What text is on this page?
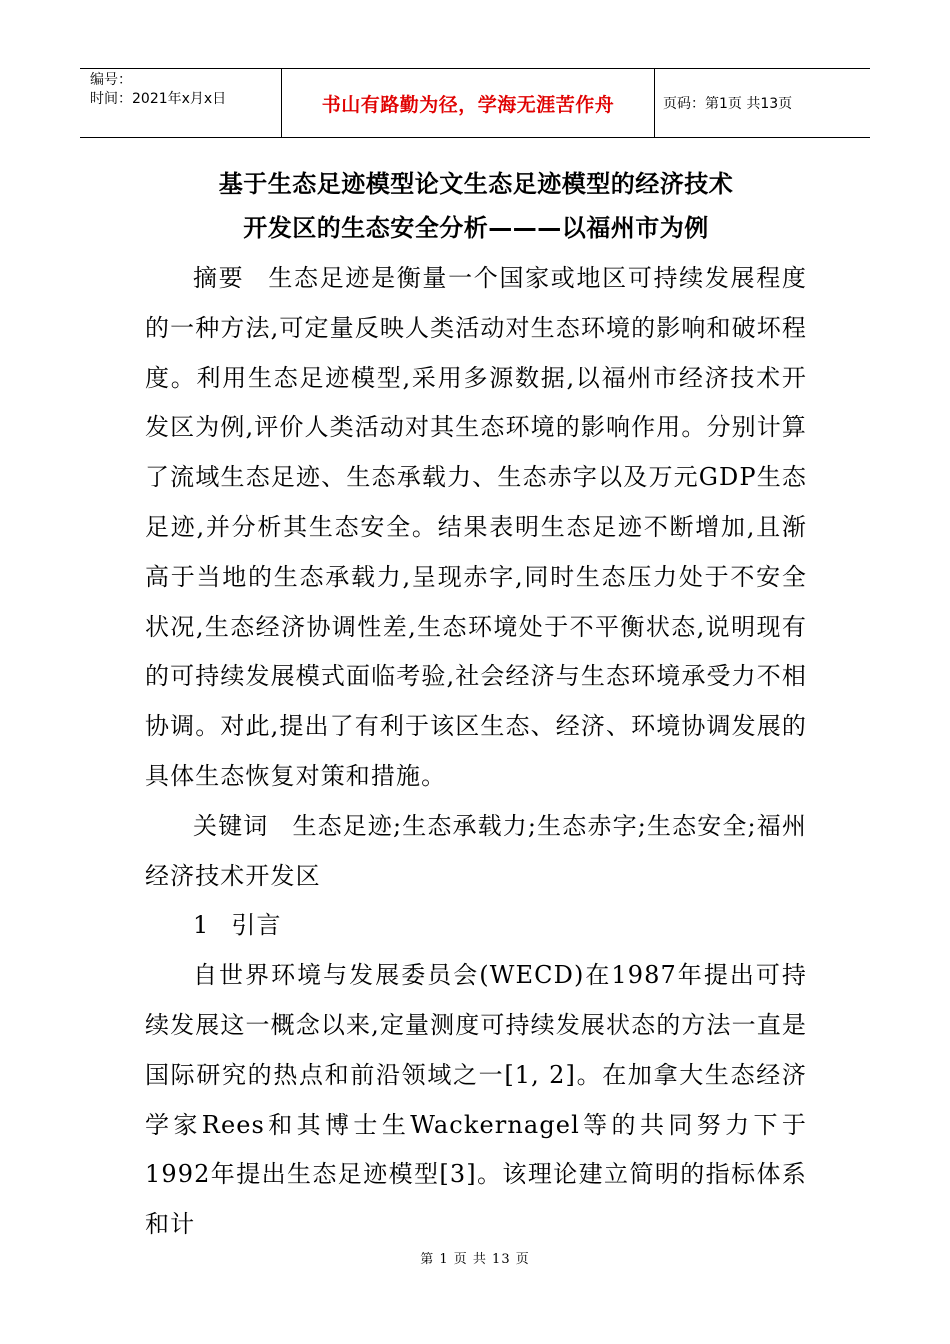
编号：
时间：2021年x月x日	书山有路勤为径，学海无涯苦作舟	页码：第1页 共13页
基于生态足迹模型论文生态足迹模型的经济技术
开发区的生态安全分析———以福州市为例

摘要 生态足迹是衡量一个国家或地区可持续发展程度的一种方法,可定量反映人类活动对生态环境的影响和破坏程度。利用生态足迹模型,采用多源数据,以福州市经济技术开发区为例,评价人类活动对其生态环境的影响作用。分别计算了流域生态足迹、生态承载力、生态赤字以及万元GDP生态足迹,并分析其生态安全。结果表明生态足迹不断增加,且渐高于当地的生态承载力,呈现赤字,同时生态压力处于不安全状况,生态经济协调性差,生态环境处于不平衡状态,说明现有的可持续发展模式面临考验,社会经济与生态环境承受力不相协调。对此,提出了有利于该区生态、经济、环境协调发展的具体生态恢复对策和措施。

关键词 生态足迹;生态承载力;生态赤字;生态安全;福州经济技术开发区

1 引言

自世界环境与发展委员会(WECD)在1987年提出可持续发展这一概念以来,定量测度可持续发展状态的方法一直是国际研究的热点和前沿领域之一[1, 2]。在加拿大生态经济学家Rees和其博士生Wackernagel等的共同努力下于1992年提出生态足迹模型[3]。该理论建立简明的指标体系和计

第 1 页 共 13 页
